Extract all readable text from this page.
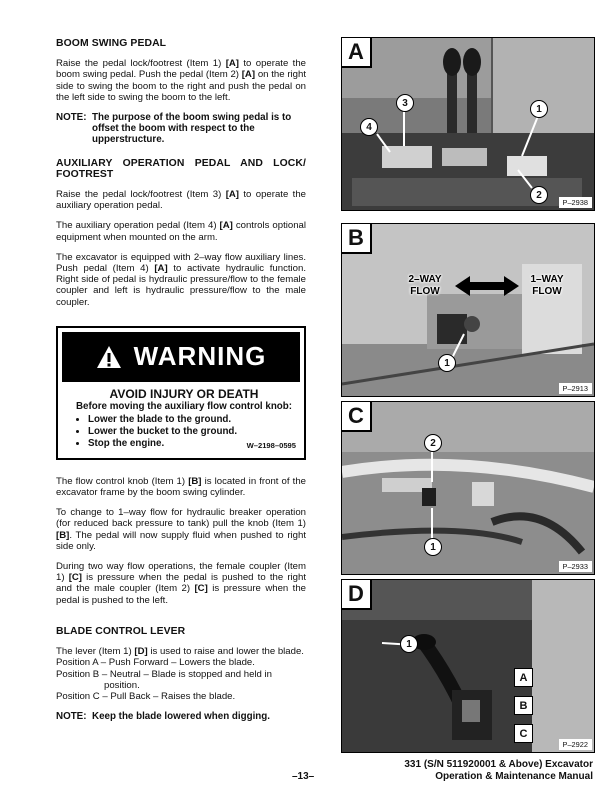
BOOM SWING PEDAL

Raise the pedal lock/footrest (Item 1) [A] to operate the boom swing pedal. Push the pedal (Item 2) [A] on the right side to swing the boom to the right and push the pedal on the left side to swing the boom to the left.

NOTE: The purpose of the boom swing pedal is to offset the boom with respect to the upperstructure.
AUXILIARY OPERATION PEDAL AND LOCK/ FOOTREST

Raise the pedal lock/footrest (Item 3) [A] to operate the auxiliary operation pedal.

The auxiliary operation pedal (Item 4) [A] controls optional equipment when mounted on the arm.

The excavator is equipped with 2–way flow auxiliary lines. Push pedal (Item 4) [A] to activate hydraulic function. Right side of pedal is hydraulic pressure/flow to the female coupler and left is hydraulic pressure/flow to the male coupler.

WARNING
AVOID INJURY OR DEATH
Before moving the auxiliary flow control knob:
• Lower the blade to the ground.
• Lower the bucket to the ground.
• Stop the engine.	W–2198–0595

The flow control knob (Item 1) [B] is located in front of the excavator frame by the boom swing cylinder.

To change to 1–way flow for hydraulic breaker operation (for reduced back pressure to tank) pull the knob (Item 1) [B]. The pedal will now supply fluid when pushed to right side only.

During two way flow operations, the female coupler (Item 1) [C] is pressure when the pedal is pushed to the right and the male coupler (Item 2) [C] is pressure when the pedal is pushed to the left.

BLADE CONTROL LEVER
The lever (Item 1) [D] is used to raise and lower the blade.
Position A – Push Forward – Lowers the blade.
Position B – Neutral – Blade is stopped and held in
position.
Position C – Pull Back – Raises the blade.
NOTE: Keep the blade lowered when digging.
A
3
4
1
2
P–2938
B
2–WAY
FLOW
1–WAY
FLOW
1
P–2913
C
2
1
P–2933
D
1
A
B
C
P–2922
–13–
331 (S/N 511920001 & Above) Excavator
Operation & Maintenance Manual
